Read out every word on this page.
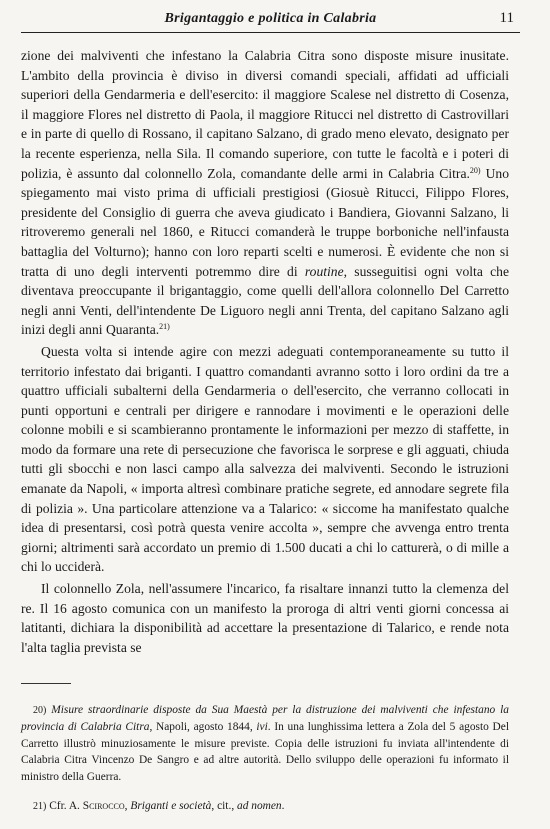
Brigantaggio e politica in Calabria	11

zione dei malviventi che infestano la Calabria Citra sono disposte misure inusitate. L'ambito della provincia è diviso in diversi comandi speciali, affidati ad ufficiali superiori della Gendarmeria e dell'esercito: il maggiore Scalese nel distretto di Cosenza, il maggiore Flores nel distretto di Paola, il maggiore Ritucci nel distretto di Castrovillari e in parte di quello di Rossano, il capitano Salzano, di grado meno elevato, designato per la recente esperienza, nella Sila. Il comando superiore, con tutte le facoltà e i poteri di polizia, è assunto dal colonnello Zola, comandante delle armi in Calabria Citra.$^{20)}$ Uno spiegamento mai visto prima di ufficiali prestigiosi (Giosuè Ritucci, Filippo Flores, presidente del Consiglio di guerra che aveva giudicato i Bandiera, Giovanni Salzano, li ritroveremo generali nel 1860, e Ritucci comanderà le truppe borboniche nell'infausta battaglia del Volturno); hanno con loro reparti scelti e numerosi. È evidente che non si tratta di uno degli interventi potremmo dire di routine, susseguitisi ogni volta che diventava preoccupante il brigantaggio, come quelli dell'allora colonnello Del Carretto negli anni Venti, dell'intendente De Liguoro negli anni Trenta, del capitano Salzano agli inizi degli anni Quaranta.$^{21)}$

Questa volta si intende agire con mezzi adeguati contemporaneamente su tutto il territorio infestato dai briganti. I quattro comandanti avranno sotto i loro ordini da tre a quattro ufficiali subalterni della Gendarmeria o dell'esercito, che verranno collocati in punti opportuni e centrali per dirigere e rannodare i movimenti e le operazioni delle colonne mobili e si scambieranno prontamente le informazioni per mezzo di staffette, in modo da formare una rete di persecuzione che favorisca le sorprese e gli agguati, chiuda tutti gli sbocchi e non lasci campo alla salvezza dei malviventi. Secondo le istruzioni emanate da Napoli, « importa altresì combinare pratiche segrete, ed annodare segrete fila di polizia ». Una particolare attenzione va a Talarico: « siccome ha manifestato qualche idea di presentarsi, così potrà questa venire accolta », sempre che avvenga entro trenta giorni; altrimenti sarà accordato un premio di 1.500 ducati a chi lo catturerà, o di mille a chi lo ucciderà.

Il colonnello Zola, nell'assumere l'incarico, fa risaltare innanzi tutto la clemenza del re. Il 16 agosto comunica con un manifesto la proroga di altri venti giorni concessa ai latitanti, dichiara la disponibilità ad accettare la presentazione di Talarico, e rende nota l'alta taglia prevista se

20) Misure straordinarie disposte da Sua Maestà per la distruzione dei malviventi che infestano la provincia di Calabria Citra, Napoli, agosto 1844, ivi. In una lunghissima lettera a Zola del 5 agosto Del Carretto illustrò minuziosamente le misure previste. Copia delle istruzioni fu inviata all'intendente di Calabria Citra Vincenzo De Sangro e ad altre autorità. Dello sviluppo delle operazioni fu informato il ministro della Guerra.

21) Cfr. A. Scirocco, Briganti e società, cit., ad nomen.
